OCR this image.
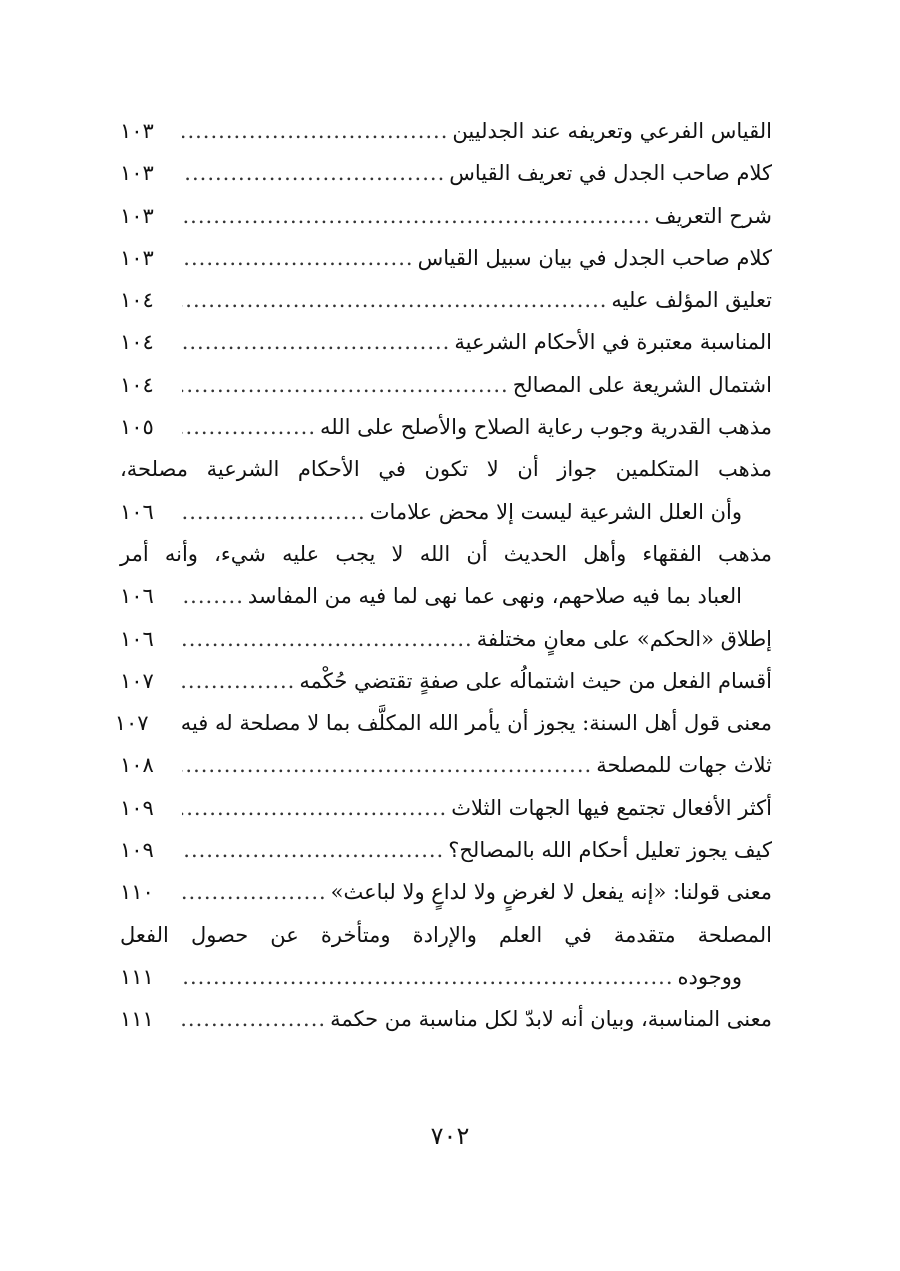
القياس الفرعي وتعريفه عند الجدليين
.....
١٠٣
كلام صاحب الجدل في تعريف القياس
.....
١٠٣
شرح التعريف
.....
١٠٣
كلام صاحب الجدل في بيان سبيل القياس
.....
١٠٣
تعليق المؤلف عليه
.....
١٠٤
المناسبة معتبرة في الأحكام الشرعية
.....
١٠٤
اشتمال الشريعة على المصالح
.....
١٠٤
مذهب القدرية وجوب رعاية الصلاح والأصلح على الله
.....
١٠٥
مذهب المتكلمين جواز أن لا تكون في الأحكام الشرعية مصلحة،
وأن العلل الشرعية ليست إلا محض علامات
.....
١٠٦
مذهب الفقهاء وأهل الحديث أن الله لا يجب عليه شيء، وأنه أمر
العباد بما فيه صلاحهم، ونهى عما نهى لما فيه من المفاسد
.....
١٠٦
إطلاق «الحكم» على معانٍ مختلفة
.....
١٠٦
أقسام الفعل من حيث اشتمالُه على صفةٍ تقتضي حُكْمه
.....
١٠٧
معنى قول أهل السنة: يجوز أن يأمر الله المكلَّف بما لا مصلحة له فيه
١٠٧
ثلاث جهات للمصلحة
.....
١٠٨
أكثر الأفعال تجتمع فيها الجهات الثلاث
.....
١٠٩
كيف يجوز تعليل أحكام الله بالمصالح؟
.....
١٠٩
معنى قولنا: «إنه يفعل لا لغرضٍ ولا لداعٍ ولا لباعث»
.....
١١٠
المصلحة متقدمة في العلم والإرادة ومتأخرة عن حصول الفعل
ووجوده
.....
١١١
معنى المناسبة، وبيان أنه لابدّ لكل مناسبة من حكمة
.....
١١١
٧٠٢
